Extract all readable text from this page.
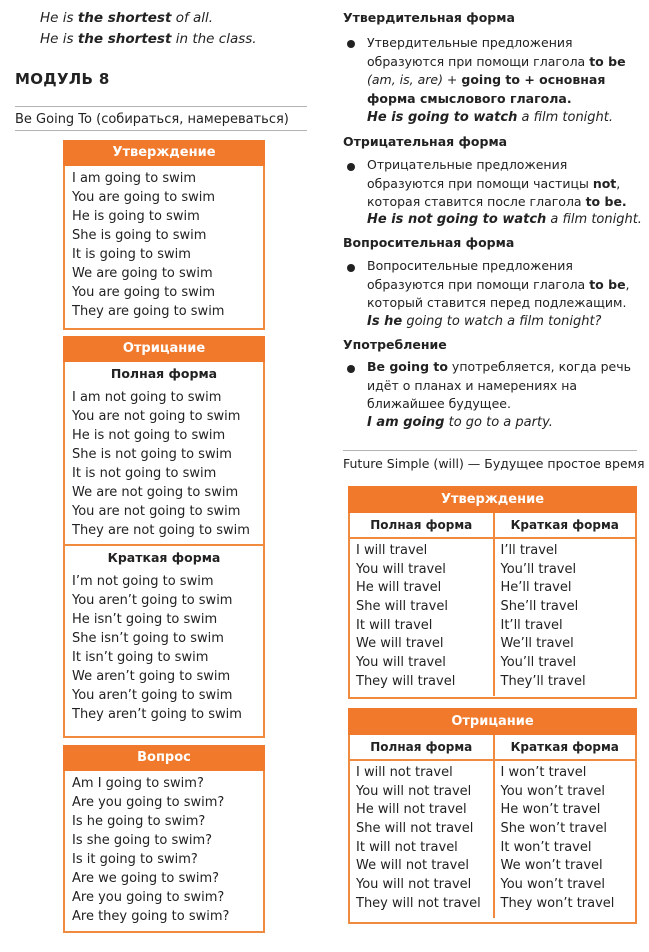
He is the shortest of all.
He is the shortest in the class.
МОДУЛЬ 8
Be Going To (собираться, намереваться)
Утверждение
I am going to swim
You are going to swim
He is going to swim
She is going to swim
It is going to swim
We are going to swim
You are going to swim
They are going to swim
Отрицание
Полная форма
I am not going to swim
You are not going to swim
He is not going to swim
She is not going to swim
It is not going to swim
We are not going to swim
You are not going to swim
They are not going to swim
Краткая форма
I’m not going to swim
You aren’t going to swim
He isn’t going to swim
She isn’t going to swim
It isn’t going to swim
We aren’t going to swim
You aren’t going to swim
They aren’t going to swim
Вопрос
Am I going to swim?
Are you going to swim?
Is he going to swim?
Is she going to swim?
Is it going to swim?
Are we going to swim?
Are you going to swim?
Are they going to swim?
Утвердительная форма
Утвердительные предложения образуются при помощи глагола to be (am, is, are) + going to + основная форма смыслового глагола.
He is going to watch a film tonight.
Отрицательная форма
Отрицательные предложения образуются при помощи частицы not, которая ставится после глагола to be.
He is not going to watch a film tonight.
Вопросительная форма
Вопросительные предложения образуются при помощи глагола to be, который ставится перед подлежащим.
Is he going to watch a film tonight?
Употребление
Be going to употребляется, когда речь идёт о планах и намерениях на ближайшее будущее.
I am going to go to a party.
Future Simple (will) — Будущее простое время
Утверждение
Полная форма
I will travel
You will travel
He will travel
She will travel
It will travel
We will travel
You will travel
They will travel
Краткая форма
I’ll travel
You’ll travel
He’ll travel
She’ll travel
It’ll travel
We’ll travel
You’ll travel
They’ll travel
Отрицание
Полная форма
I will not travel
You will not travel
He will not travel
She will not travel
It will not travel
We will not travel
You will not travel
They will not travel
Краткая форма
I won’t travel
You won’t travel
He won’t travel
She won’t travel
It won’t travel
We won’t travel
You won’t travel
They won’t travel
